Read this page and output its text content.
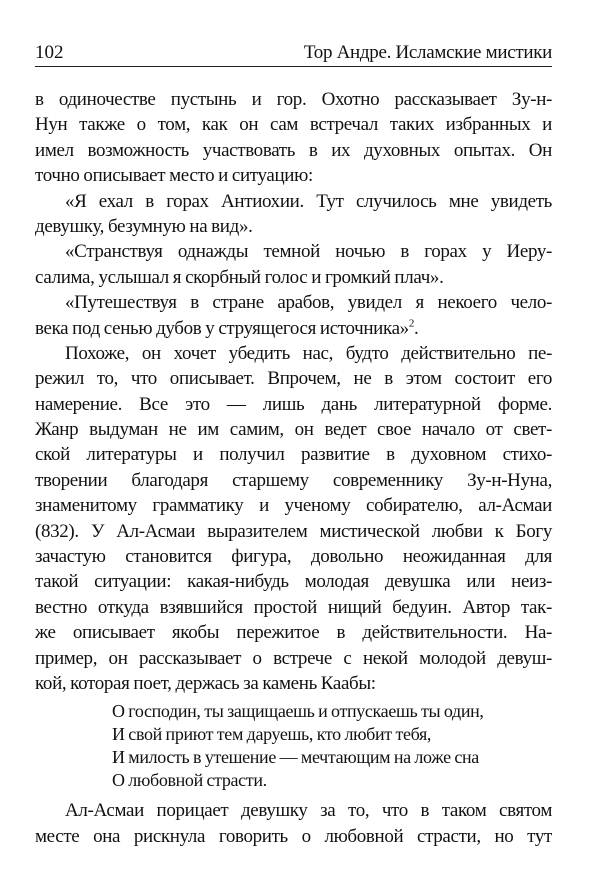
102	Тор Андре. Исламские мистики
в одиночестве пустынь и гор. Охотно рассказывает Зу-н-
Нун также о том, как он сам встречал таких избранных и
имел возможность участвовать в их духовных опытах. Он
точно описывает место и ситуацию:
«Я ехал в горах Антиохии. Тут случилось мне увидеть
девушку, безумную на вид».
«Странствуя однажды темной ночью в горах у Иеру-
салима, услышал я скорбный голос и громкий плач».
«Путешествуя в стране арабов, увидел я некоего чело-
века под сенью дубов у струящегося источника»$^2$.
Похоже, он хочет убедить нас, будто действительно пе-
режил то, что описывает. Впрочем, не в этом состоит его
намерение. Все это — лишь дань литературной форме.
Жанр выдуман не им самим, он ведет свое начало от свет-
ской литературы и получил развитие в духовном стихо-
творении благодаря старшему современнику Зу-н-Нуна,
знаменитому грамматику и ученому собирателю, ал-Асмаи
(832). У Ал-Асмаи выразителем мистической любви к Богу
зачастую становится фигура, довольно неожиданная для
такой ситуации: какая-нибудь молодая девушка или неиз-
вестно откуда взявшийся простой нищий бедуин. Автор так-
же описывает якобы пережитое в действительности. На-
пример, он рассказывает о встрече с некой молодой девуш-
кой, которая поет, держась за камень Каабы:
О господин, ты защищаешь и отпускаешь ты один,
И свой приют тем даруешь, кто любит тебя,
И милость в утешение — мечтающим на ложе сна
О любовной страсти.
Ал-Асмаи порицает девушку за то, что в таком святом
месте она рискнула говорить о любовной страсти, но тут
